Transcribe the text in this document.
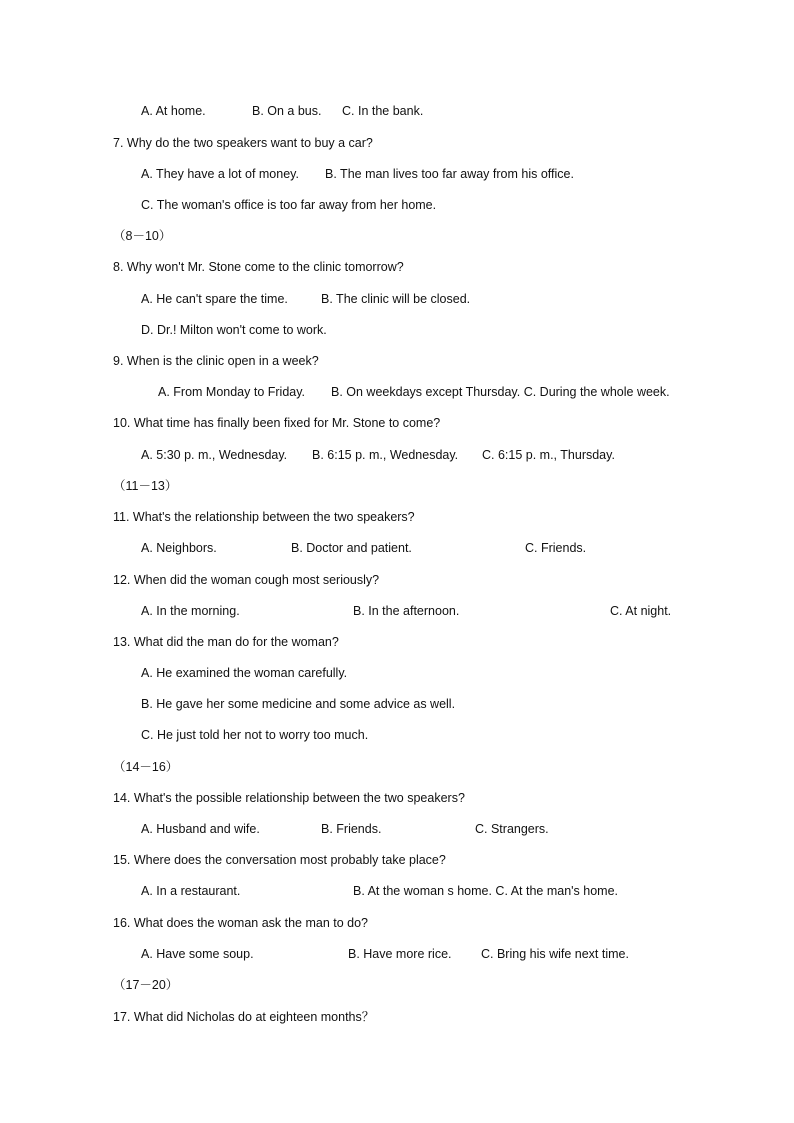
A. At home.	B. On a bus. C. In the bank.
7. Why do the two speakers want to buy a car?
A. They have a lot of money. B. The man lives too far away from his office.
C. The woman's office is too far away from her home.
（8－10）
8. Why won't Mr. Stone come to the clinic tomorrow?
A. He can't spare the time.	B. The clinic will be closed.
D. Dr.! Milton won't come to work.
9. When is the clinic open in a week?
A. From Monday to Friday. B. On weekdays except Thursday. C. During the whole week.
10. What time has finally been fixed for Mr. Stone to come?
A. 5:30 p. m., Wednesday. B. 6:15 p. m., Wednesday. C. 6:15 p. m., Thursday.
（11－13）
11. What's the relationship between the two speakers?
A. Neighbors.	B. Doctor and patient.	C. Friends.
12. When did the woman cough most seriously?
A. In the morning.	B. In the afternoon.	C. At night.
13. What did the man do for the woman?
A. He examined the woman carefully.
B. He gave her some medicine and some advice as well.
C. He just told her not to worry too much.
（14－16）
14. What's the possible relationship between the two speakers?
A. Husband and wife.	B. Friends.	C. Strangers.
15. Where does the conversation most probably take place?
A. In a restaurant.	B. At the woman s home. C. At the man's home.
16. What does the woman ask the man to do?
A. Have some soup.	B. Have more rice. C. Bring his wife next time.
（17－20）
17. What did Nicholas do at eighteen months？
